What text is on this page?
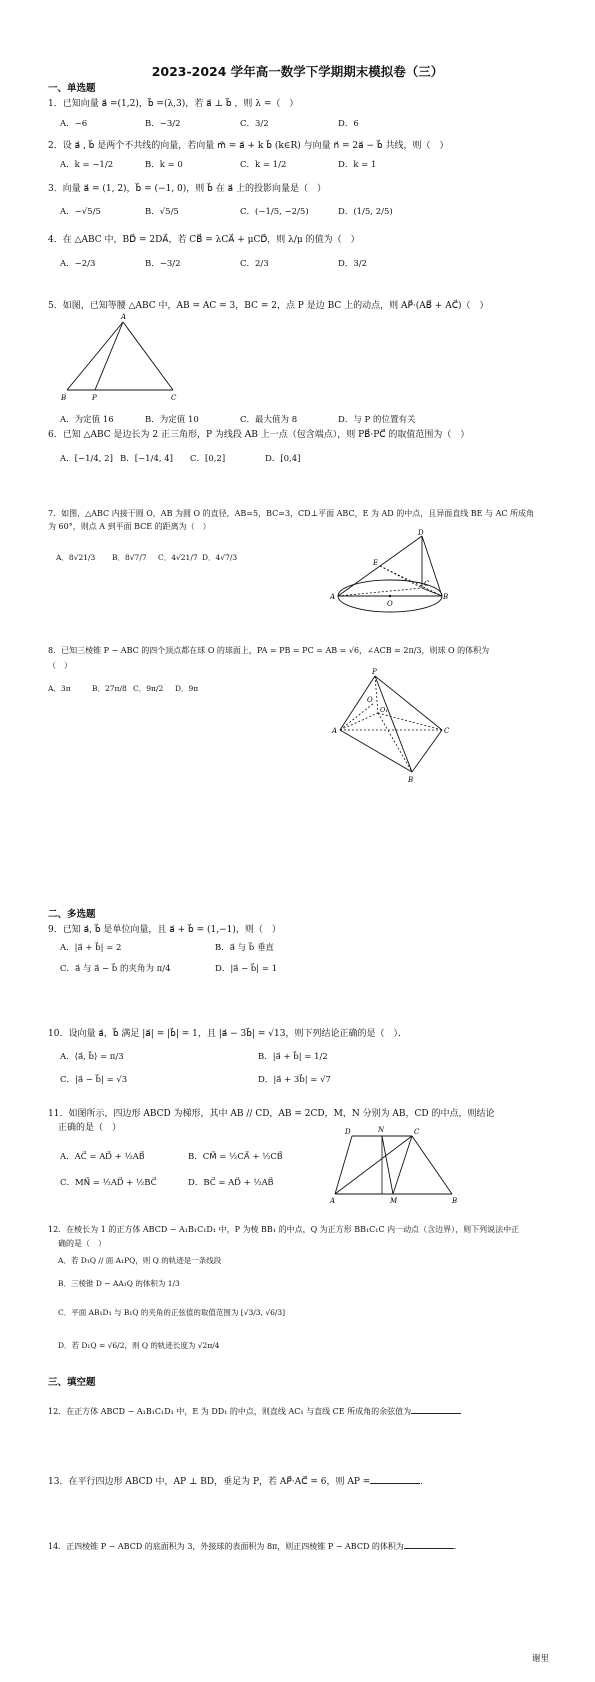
2023-2024 学年高一数学下学期期末模拟卷（三）
一、单选题
1．已知向量 a⃗ =(1,2)，b⃗ =(λ,3)，若 a⃗ ⊥ b⃗ ，则 λ =（　）
A．−6	B．−3/2	C．3/2	D．6
2．设 a⃗ , b⃗ 是两个不共线的向量，若向量 m⃗ = a⃗ + k b⃗ (k∈R) 与向量 n⃗ = 2a⃗ − b⃗ 共线，则（　）
A．k = −1/2	B．k = 0	C．k = 1/2	D．k = 1
3．向量 a⃗ = (1, 2)，b⃗ = (−1, 0)，则 b⃗ 在 a⃗ 上的投影向量是（　）
A．−√5/5	B．√5/5	C．(−1/5, −2/5)	D．(1/5, 2/5)
4．在 △ABC 中，BD⃗ = 2DA⃗，若 CB⃗ = λCA⃗ + μCD⃗，则 λ/μ 的值为（　）
A．−2/3	B．−3/2	C．2/3	D．3/2
5．如图，已知等腰 △ABC 中，AB = AC = 3，BC = 2，点 P 是边 BC 上的动点，则 AP⃗·(AB⃗ + AC⃗)（　）
A
B	P	C
A．为定值 16	B．为定值 10	C．最大值为 8	D．与 P 的位置有关
6．已知 △ABC 是边长为 2 正三角形，P 为线段 AB 上一点（包含端点），则 PB⃗·PC⃗ 的取值范围为（　）
A．[−1/4, 2] B．[−1/4, 4] C．[0,2]	D．[0,4]
7．如图，△ABC 内接于圆 O，AB 为圆 O 的直径，AB=5，BC=3，CD⊥平面 ABC，E 为 AD 的中点，且异面直线 BE 与 AC 所成角
为 60°，则点 A 到平面 BCE 的距离为（　）
A．8√21/3 B．8√7/7 C．4√21/7 D．4√7/3
D
E
C
A
O
B
8．已知三棱锥 P − ABC 的四个顶点都在球 O 的球面上，PA = PB = PC = AB = √6，∠ACB = 2π/3，则球 O 的体积为
（　）
A．3π	B．27π/8 C．9π/2 D．9π
P
O
O₁
A	C
B
二、多选题
9．已知 a⃗, b⃗ 是单位向量，且 a⃗ + b⃗ = (1,−1)，则（　）
A．|a⃗ + b⃗| = 2	B．a⃗ 与 b⃗ 垂直
C．a⃗ 与 a⃗ − b⃗ 的夹角为 π/4	D．|a⃗ − b⃗| = 1
10．设向量 a⃗，b⃗ 满足 |a⃗| = |b⃗| = 1，且 |a⃗ − 3b⃗| = √13，则下列结论正确的是（　）．
A．⟨a⃗, b⃗⟩ = π/3	B．|a⃗ + b⃗| = 1/2
C．|a⃗ − b⃗| = √3	D．|a⃗ + 3b⃗| = √7
11．如图所示，四边形 ABCD 为梯形，其中 AB // CD，AB = 2CD，M，N 分别为 AB，CD 的中点，则结论
正确的是（　）
A．AC⃗ = AD⃗ + ½AB⃗	B．CM⃗ = ½CA⃗ + ½CB⃗
C．MN⃗ = ½AD⃗ + ½BC⃗	D．BC⃗ = AD⃗ + ½AB⃗
D	N	C
A	M	B
12．在棱长为 1 的正方体 ABCD − A₁B₁C₁D₁ 中，P 为棱 BB₁ 的中点，Q 为正方形 BB₁C₁C 内一动点（含边界），则下列说法中正
确的是（　）
A．若 D₁Q // 面 A₁PQ，则 Q 的轨迹是一条线段
B．三棱锥 D − AA₁Q 的体积为 1/3
C．平面 AB₁D₁ 与 B₁Q 的夹角的正弦值的取值范围为 [√3/3, √6/3]
D．若 D₁Q = √6/2，则 Q 的轨迹长度为 √2π/4
三、填空题
12．在正方体 ABCD − A₁B₁C₁D₁ 中，E 为 DD₁ 的中点，则直线 AC₁ 与直线 CE 所成角的余弦值为
13．在平行四边形 ABCD 中，AP ⊥ BD，垂足为 P，若 AP⃗·AC⃗ = 6，则 AP =	.
14．正四棱锥 P − ABCD 的底面积为 3，外接球的表面积为 8π，则正四棱锥 P − ABCD 的体积为	.
谢里
